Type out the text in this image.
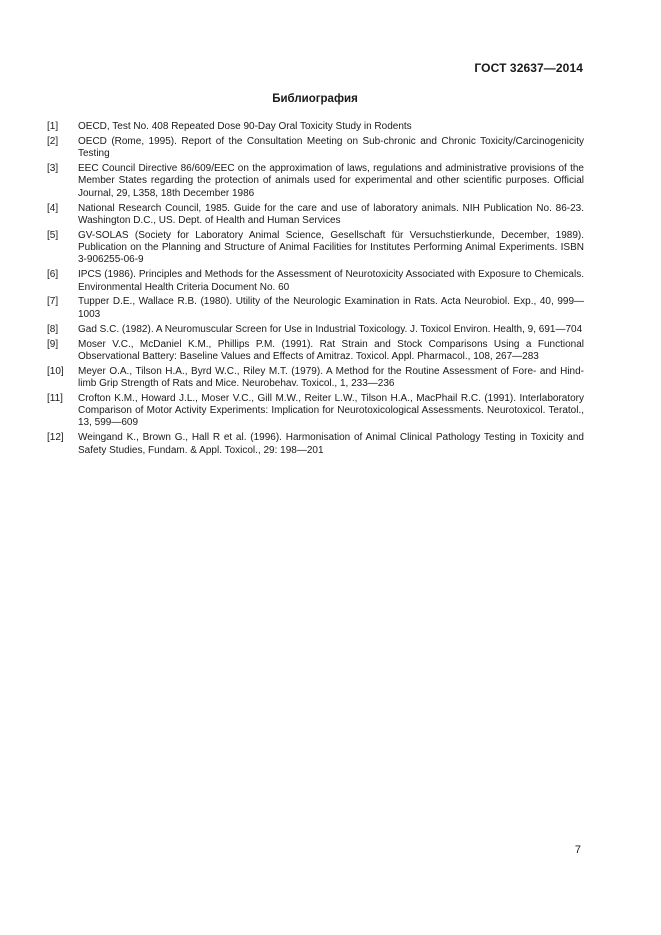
ГОСТ 32637—2014
Библиография
[1]	OECD, Test No. 408 Repeated Dose 90-Day Oral Toxicity Study in Rodents
[2]	OECD (Rome, 1995). Report of the Consultation Meeting on Sub-chronic and Chronic Toxicity/Carcinogenicity Testing
[3]	EEC Council Directive 86/609/EEC on the approximation of laws, regulations and administrative provisions of the Member States regarding the protection of animals used for experimental and other scientific purposes. Official Journal, 29, L358, 18th December 1986
[4]	National Research Council, 1985. Guide for the care and use of laboratory animals. NIH Publication No. 86-23. Washington D.C., US. Dept. of Health and Human Services
[5]	GV-SOLAS (Society for Laboratory Animal Science, Gesellschaft für Versuchstierkunde, December, 1989). Publication on the Planning and Structure of Animal Facilities for Institutes Performing Animal Experiments. ISBN 3-906255-06-9
[6]	IPCS (1986). Principles and Methods for the Assessment of Neurotoxicity Associated with Exposure to Chemicals. Environmental Health Criteria Document No. 60
[7]	Tupper D.E., Wallace R.B. (1980). Utility of the Neurologic Examination in Rats. Acta Neurobiol. Exp., 40, 999—1003
[8]	Gad S.C. (1982). A Neuromuscular Screen for Use in Industrial Toxicology. J. Toxicol Environ. Health, 9, 691—704
[9]	Moser V.C., McDaniel K.M., Phillips P.M. (1991). Rat Strain and Stock Comparisons Using a Functional Observational Battery: Baseline Values and Effects of Amitraz. Toxicol. Appl. Pharmacol., 108, 267—283
[10]	Meyer O.A., Tilson H.A., Byrd W.C., Riley M.T. (1979). A Method for the Routine Assessment of Fore- and Hind-limb Grip Strength of Rats and Mice. Neurobehav. Toxicol., 1, 233—236
[11]	Crofton K.M., Howard J.L., Moser V.C., Gill M.W., Reiter L.W., Tilson H.A., MacPhail R.C. (1991). Interlaboratory Comparison of Motor Activity Experiments: Implication for Neurotoxicological Assessments. Neurotoxicol. Teratol., 13, 599—609
[12]	Weingand K., Brown G., Hall R et al. (1996). Harmonisation of Animal Clinical Pathology Testing in Toxicity and Safety Studies, Fundam. & Appl. Toxicol., 29: 198—201
7
